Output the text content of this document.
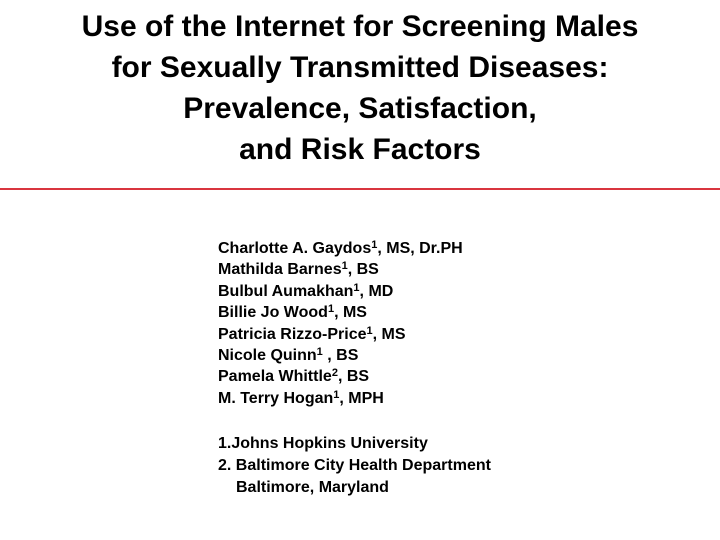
Use of the Internet for Screening Males
for Sexually Transmitted Diseases:
Prevalence, Satisfaction,
and Risk Factors
Charlotte A. Gaydos$^1$, MS, Dr.PH
Mathilda Barnes$^1$, BS
Bulbul Aumakhan$^1$, MD
Billie Jo Wood$^1$, MS
Patricia Rizzo-Price$^1$, MS
Nicole Quinn$^1$ , BS
Pamela Whittle$^2$, BS
M. Terry Hogan$^1$, MPH
1.Johns Hopkins University
2. Baltimore City Health Department
Baltimore, Maryland
